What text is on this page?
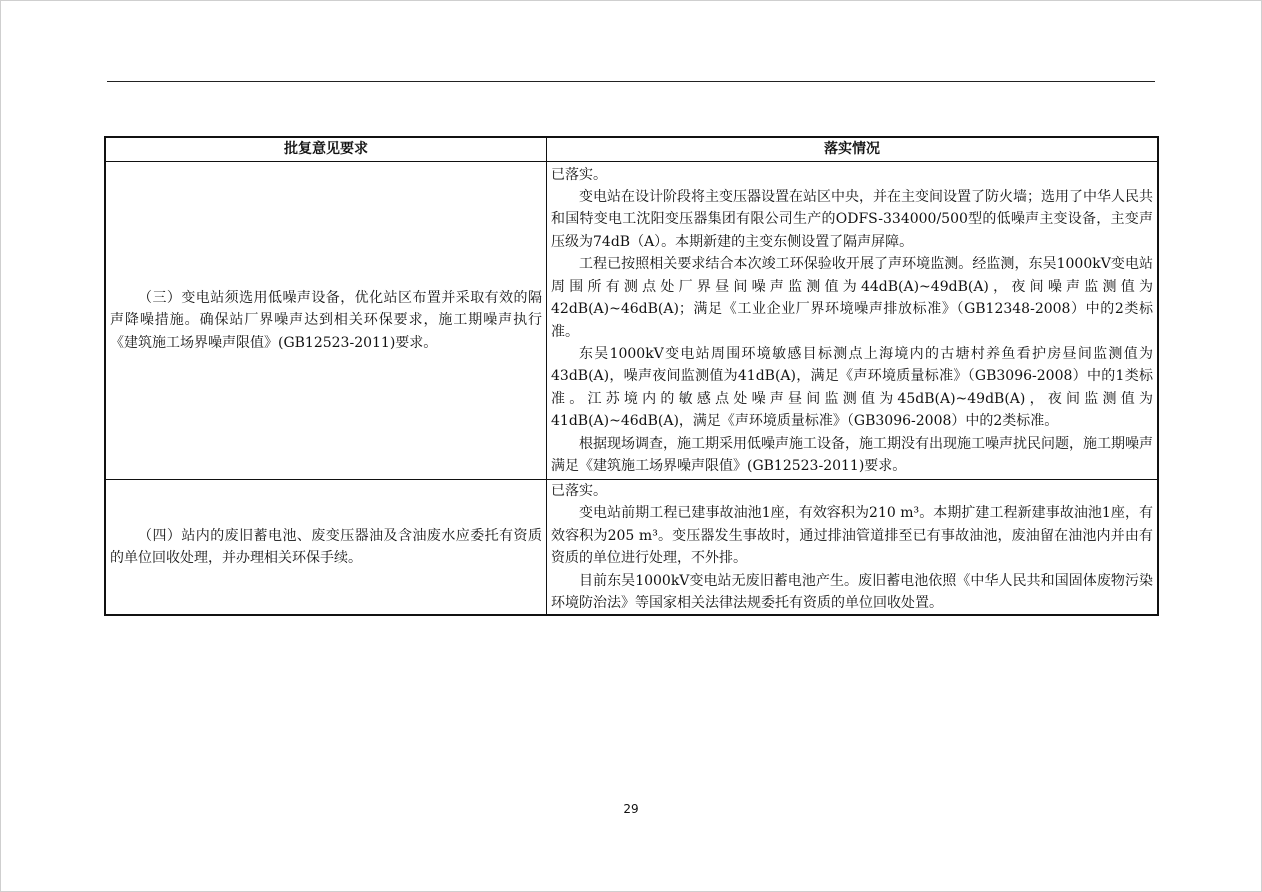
批复意见要求	落实情况

（三）变电站须选用低噪声设备，优化站区布置并采取有效的隔声降噪措施。确保站厂界噪声达到相关环保要求，施工期噪声执行《建筑施工场界噪声限值》(GB12523-2011)要求。	已落实。

变电站在设计阶段将主变压器设置在站区中央，并在主变间设置了防火墙；选用了中华人民共和国特变电工沈阳变压器集团有限公司生产的ODFS-334000/500型的低噪声主变设备，主变声压级为74dB（A）。本期新建的主变东侧设置了隔声屏障。

工程已按照相关要求结合本次竣工环保验收开展了声环境监测。经监测，东吴1000kV变电站周围所有测点处厂界昼间噪声监测值为44dB(A)~49dB(A)，夜间噪声监测值为42dB(A)~46dB(A)；满足《工业企业厂界环境噪声排放标准》（GB12348-2008）中的2类标准。

东吴1000kV变电站周围环境敏感目标测点上海境内的古塘村养鱼看护房昼间监测值为43dB(A)，噪声夜间监测值为41dB(A)，满足《声环境质量标准》（GB3096-2008）中的1类标准。江苏境内的敏感点处噪声昼间监测值为45dB(A)~49dB(A)，夜间监测值为41dB(A)~46dB(A)，满足《声环境质量标准》（GB3096-2008）中的2类标准。

根据现场调查，施工期采用低噪声施工设备，施工期没有出现施工噪声扰民问题，施工期噪声满足《建筑施工场界噪声限值》(GB12523-2011)要求。

（四）站内的废旧蓄电池、废变压器油及含油废水应委托有资质的单位回收处理，并办理相关环保手续。	已落实。

变电站前期工程已建事故油池1座，有效容积为210 m³。本期扩建工程新建事故油池1座，有效容积为205 m³。变压器发生事故时，通过排油管道排至已有事故油池，废油留在油池内并由有资质的单位进行处理，不外排。

目前东吴1000kV变电站无废旧蓄电池产生。废旧蓄电池依照《中华人民共和国固体废物污染环境防治法》等国家相关法律法规委托有资质的单位回收处置。

29
